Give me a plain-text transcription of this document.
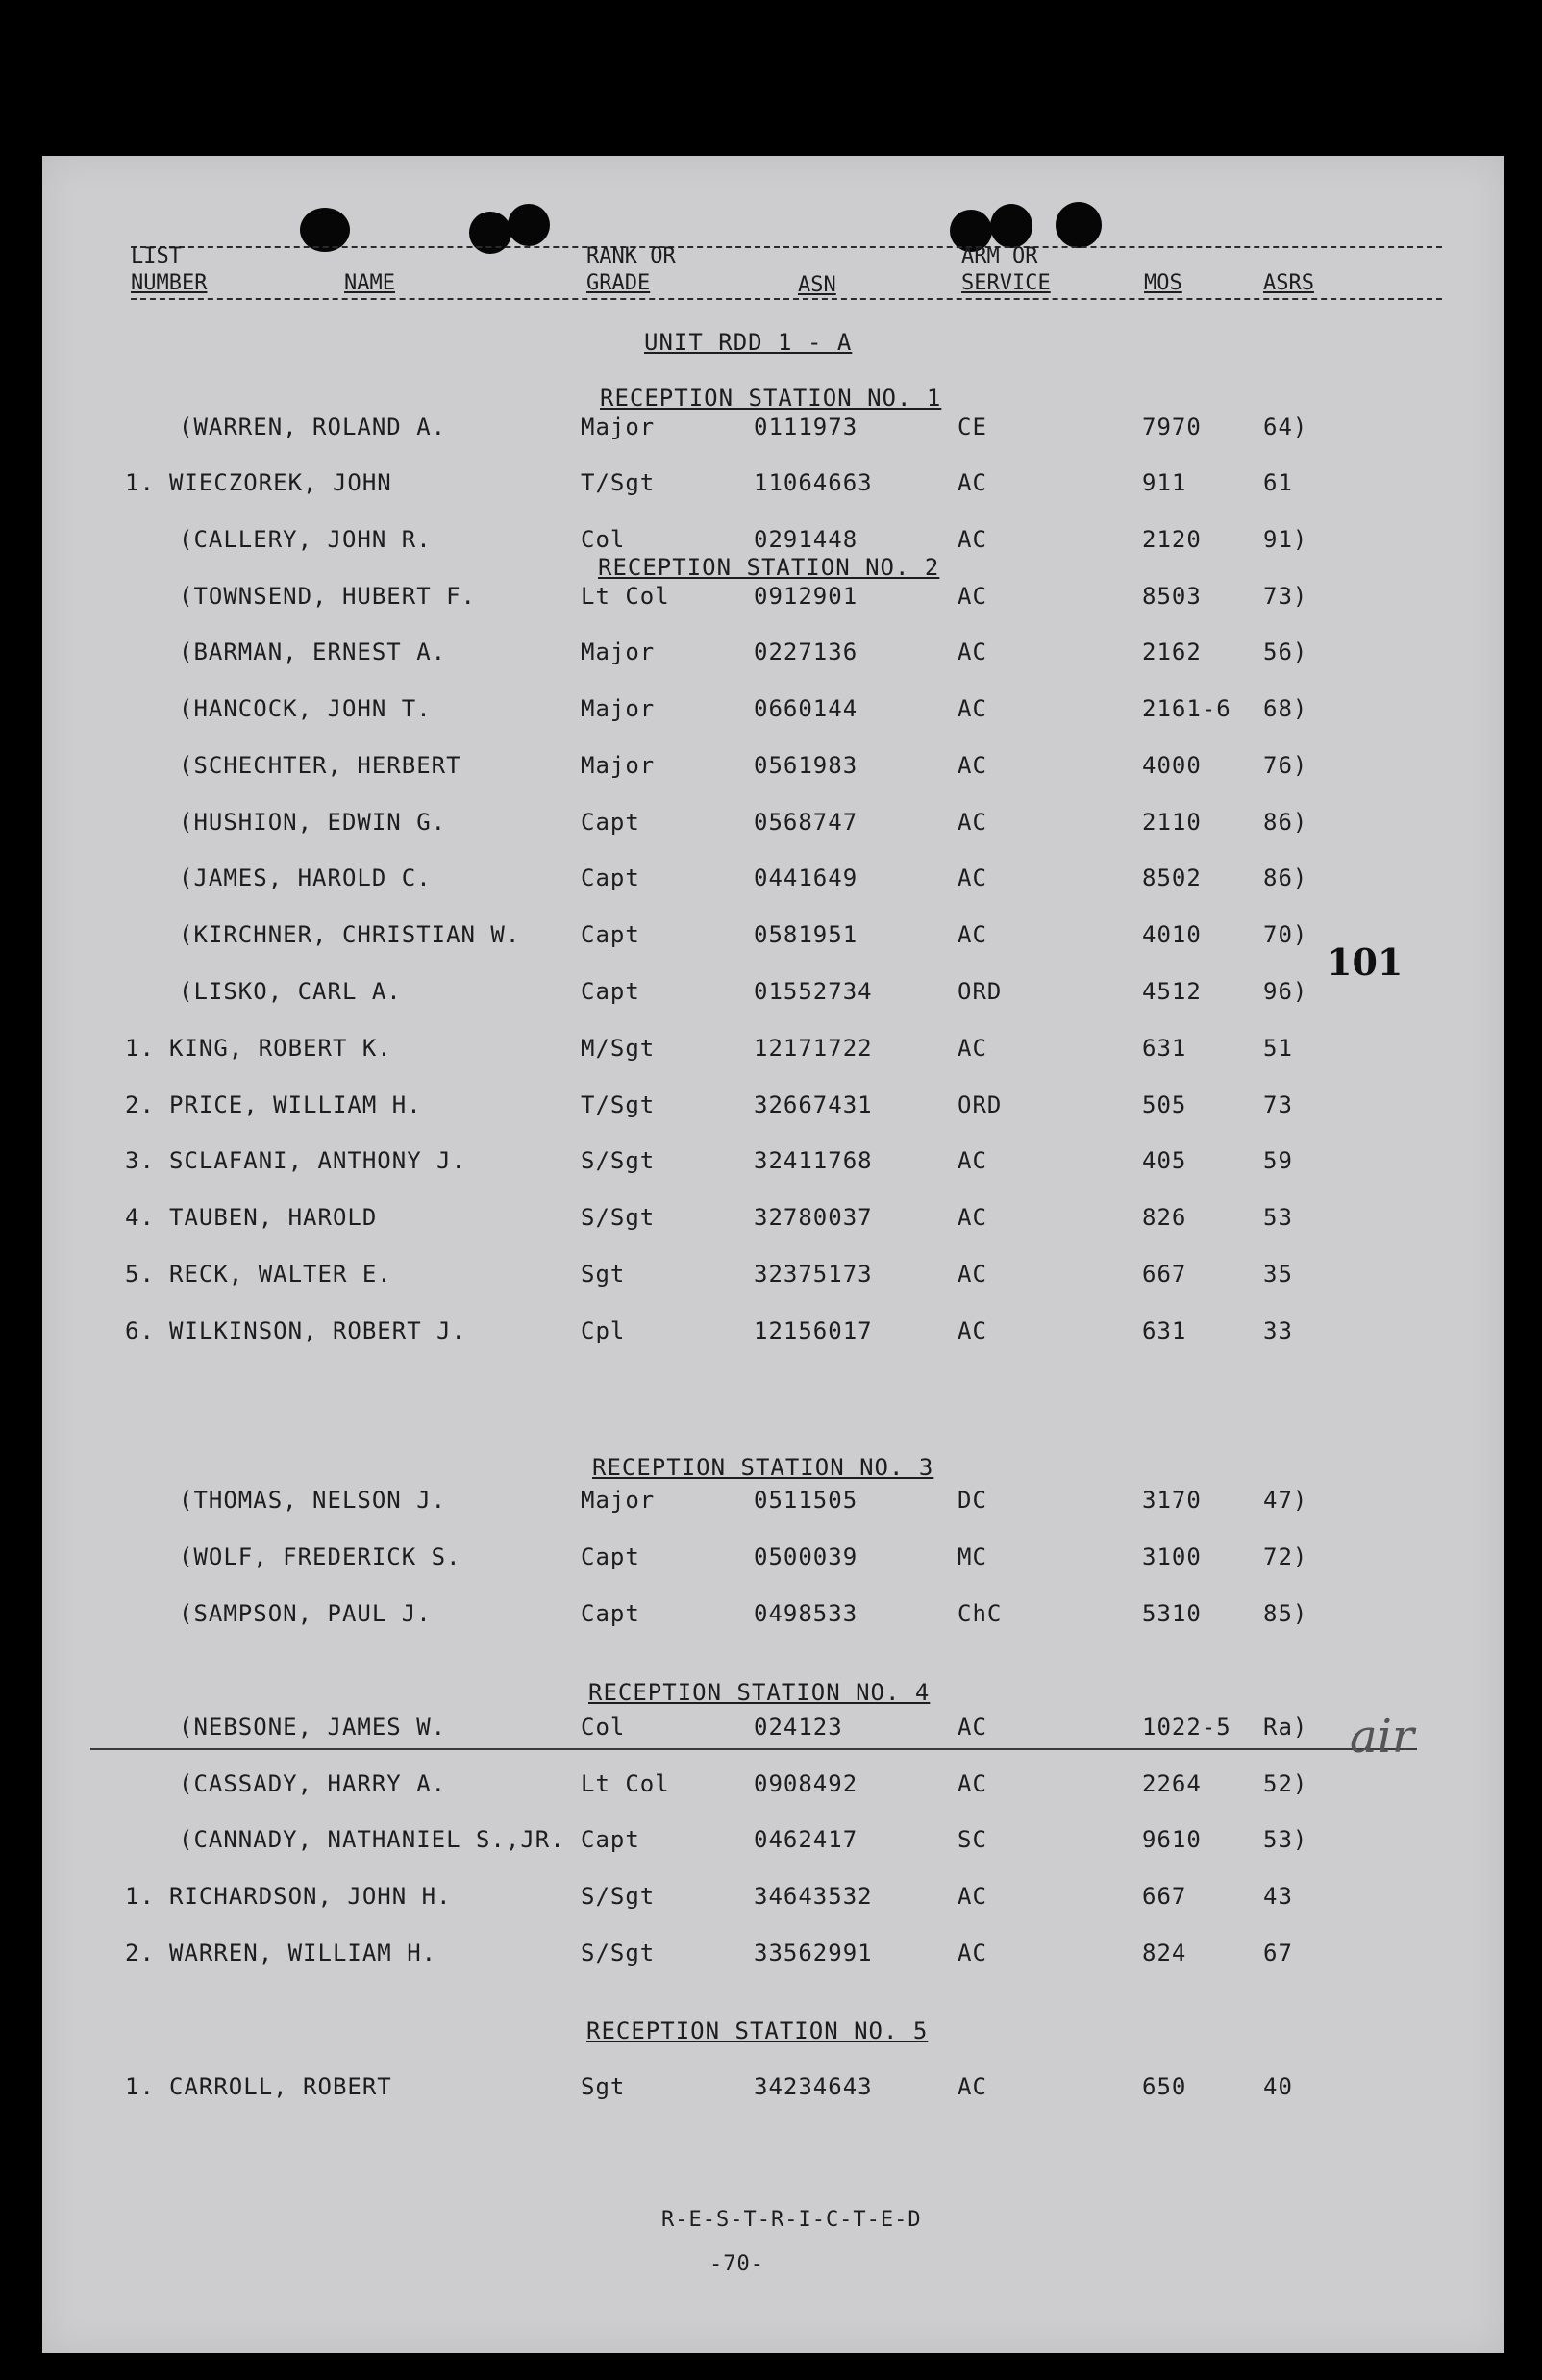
LIST
NUMBER	NAME
RANK OR
GRADE	ASN
ARM OR
SERVICE	MOS	ASRS
UNIT RDD 1 - A
RECEPTION STATION NO. 1
RECEPTION STATION NO. 2
RECEPTION STATION NO. 3
RECEPTION STATION NO. 4
RECEPTION STATION NO. 5
(WARREN, ROLAND A.	Major	0111973	CE	7970	64)
1. WIECZOREK, JOHN	T/Sgt	11064663	AC	911	61
(CALLERY, JOHN R.	Col	0291448	AC	2120	91)
(TOWNSEND, HUBERT F.	Lt Col	0912901	AC	8503	73)
(BARMAN, ERNEST A.	Major	0227136	AC	2162	56)
(HANCOCK, JOHN T.	Major	0660144	AC	2161-6 68)
(SCHECHTER, HERBERT	Major	0561983	AC	4000	76)
(HUSHION, EDWIN G.	Capt	0568747	AC	2110	86)
(JAMES, HAROLD C.	Capt	0441649	AC	8502	86)
(KIRCHNER, CHRISTIAN W.	Capt	0581951	AC	4010	70)
(LISKO, CARL A.	Capt	01552734	ORD	4512	96)
1. KING, ROBERT K.	M/Sgt	12171722	AC	631	51
2. PRICE, WILLIAM H.	T/Sgt	32667431	ORD	505	73
3. SCLAFANI, ANTHONY J.	S/Sgt	32411768	AC	405	59
4. TAUBEN, HAROLD	S/Sgt	32780037	AC	826	53
5. RECK, WALTER E.	Sgt	32375173	AC	667	35
6. WILKINSON, ROBERT J.	Cpl	12156017	AC	631	33
(THOMAS, NELSON J.	Major	0511505	DC	3170	47)
(WOLF, FREDERICK S.	Capt	0500039	MC	3100	72)
(SAMPSON, PAUL J.	Capt	0498533	ChC	5310	85)
(NEBSONE, JAMES W.	Col	024123	AC	1022-5 Ra)
(CASSADY, HARRY A.	Lt Col	0908492	AC	2264	52)
(CANNADY, NATHANIEL S.,JR. Capt	0462417	SC	9610	53)
1. RICHARDSON, JOHN H.	S/Sgt	34643532	AC	667	43
2. WARREN, WILLIAM H.	S/Sgt	33562991	AC	824	67
1. CARROLL, ROBERT	Sgt	34234643	AC	650	40
air
101
R-E-S-T-R-I-C-T-E-D
-70-
